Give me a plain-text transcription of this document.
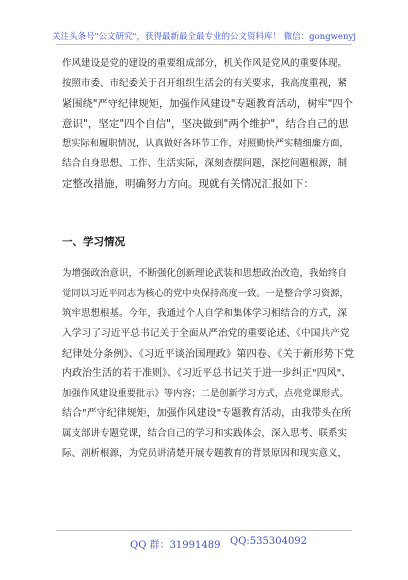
关注头条号"公文研究"，获得最新最全最专业的公文资料库！ 微信：gongwenyj
作风建设是党的建设的重要组成部分，机关作风是党风的重要体现。
按照市委、市纪委关于召开组织生活会的有关要求，我高度重视，紧
紧围绕"严守纪律规矩，加强作风建设"专题教育活动，树牢"四个
意识"，坚定"四个自信"，坚决做到"两个维护"，结合自己的思
想实际和履职情况，认真做好各环节工作，对照勤快严实精细廉方面，
结合自身思想、工作、生活实际，深刻查摆问题，深挖问题根源，制
定整改措施，明确努力方向。现就有关情况汇报如下：
一、学习情况
为增强政治意识，不断强化创新理论武装和思想政治改造，我始终自
觉同以习近平同志为核心的党中央保持高度一致。一是整合学习资源，
筑牢思想根基。今年，我通过个人自学和集体学习相结合的方式，深
入学习了习近平总书记关于全面从严治党的重要论述、《中国共产党
纪律处分条例》、《习近平谈治国理政》第四卷、《关于新形势下党
内政治生活的若干准则》、《习近平总书记关于进一步纠正"四风"、
加强作风建设重要批示》等内容；二是创新学习方式，点亮党课形式。
结合"严守纪律规矩，加强作风建设"专题教育活动，由我带头在所
属支部讲专题党课，结合自己的学习和实践体会，深入思考、联系实
际、剖析根源，为党员讲清楚开展专题教育的背景原因和现实意义，
QQ 群：31991489 QQ:535304092
